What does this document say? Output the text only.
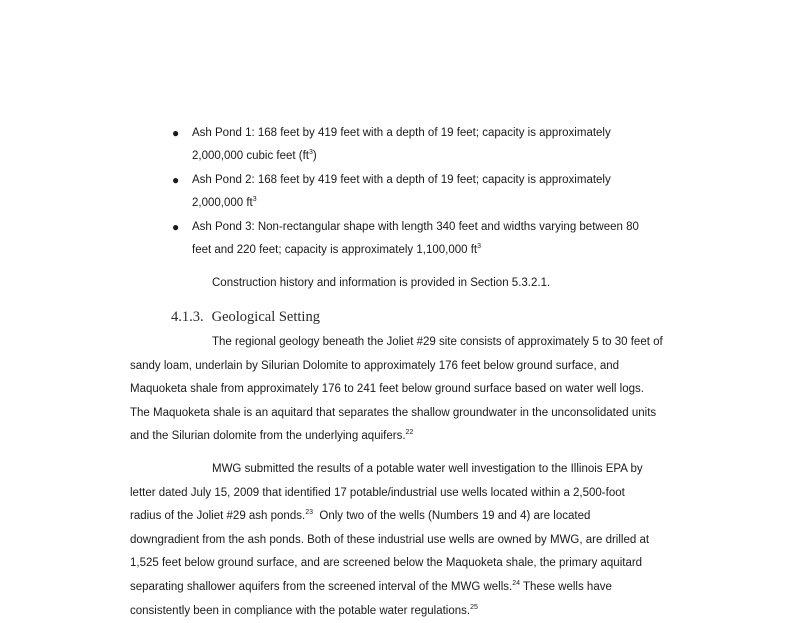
● Ash Pond 1: 168 feet by 419 feet with a depth of 19 feet; capacity is approximately
2,000,000 cubic feet $(ft^3)$
● Ash Pond 2: 168 feet by 419 feet with a depth of 19 feet; capacity is approximately
2,000,000 $ft^3$
● Ash Pond 3: Non-rectangular shape with length 340 feet and widths varying between 80
feet and 220 feet; capacity is approximately 1,100,000 $ft^3$
Construction history and information is provided in Section 5.3.2.1.
4.1.3. Geological Setting

The regional geology beneath the Joliet #29 site consists of approximately 5 to 30 feet of
sandy loam, underlain by Silurian Dolomite to approximately 176 feet below ground surface, and
Maquoketa shale from approximately 176 to 241 feet below ground surface based on water well logs.
The Maquoketa shale is an aquitard that separates the shallow groundwater in the unconsolidated units
and the Silurian dolomite from the underlying aquifers.$^{22}$

MWG submitted the results of a potable water well investigation to the Illinois EPA by
letter dated July 15, 2009 that identified 17 potable/industrial use wells located within a 2,500-foot
radius of the Joliet #29 ash ponds.$^{23}$  Only two of the wells (Numbers 19 and 4) are located
downgradient from the ash ponds. Both of these industrial use wells are owned by MWG, are drilled at
1,525 feet below ground surface, and are screened below the Maquoketa shale, the primary aquitard
separating shallower aquifers from the screened interval of the MWG wells.$^{24}$ These wells have
consistently been in compliance with the potable water regulations.$^{25}$
